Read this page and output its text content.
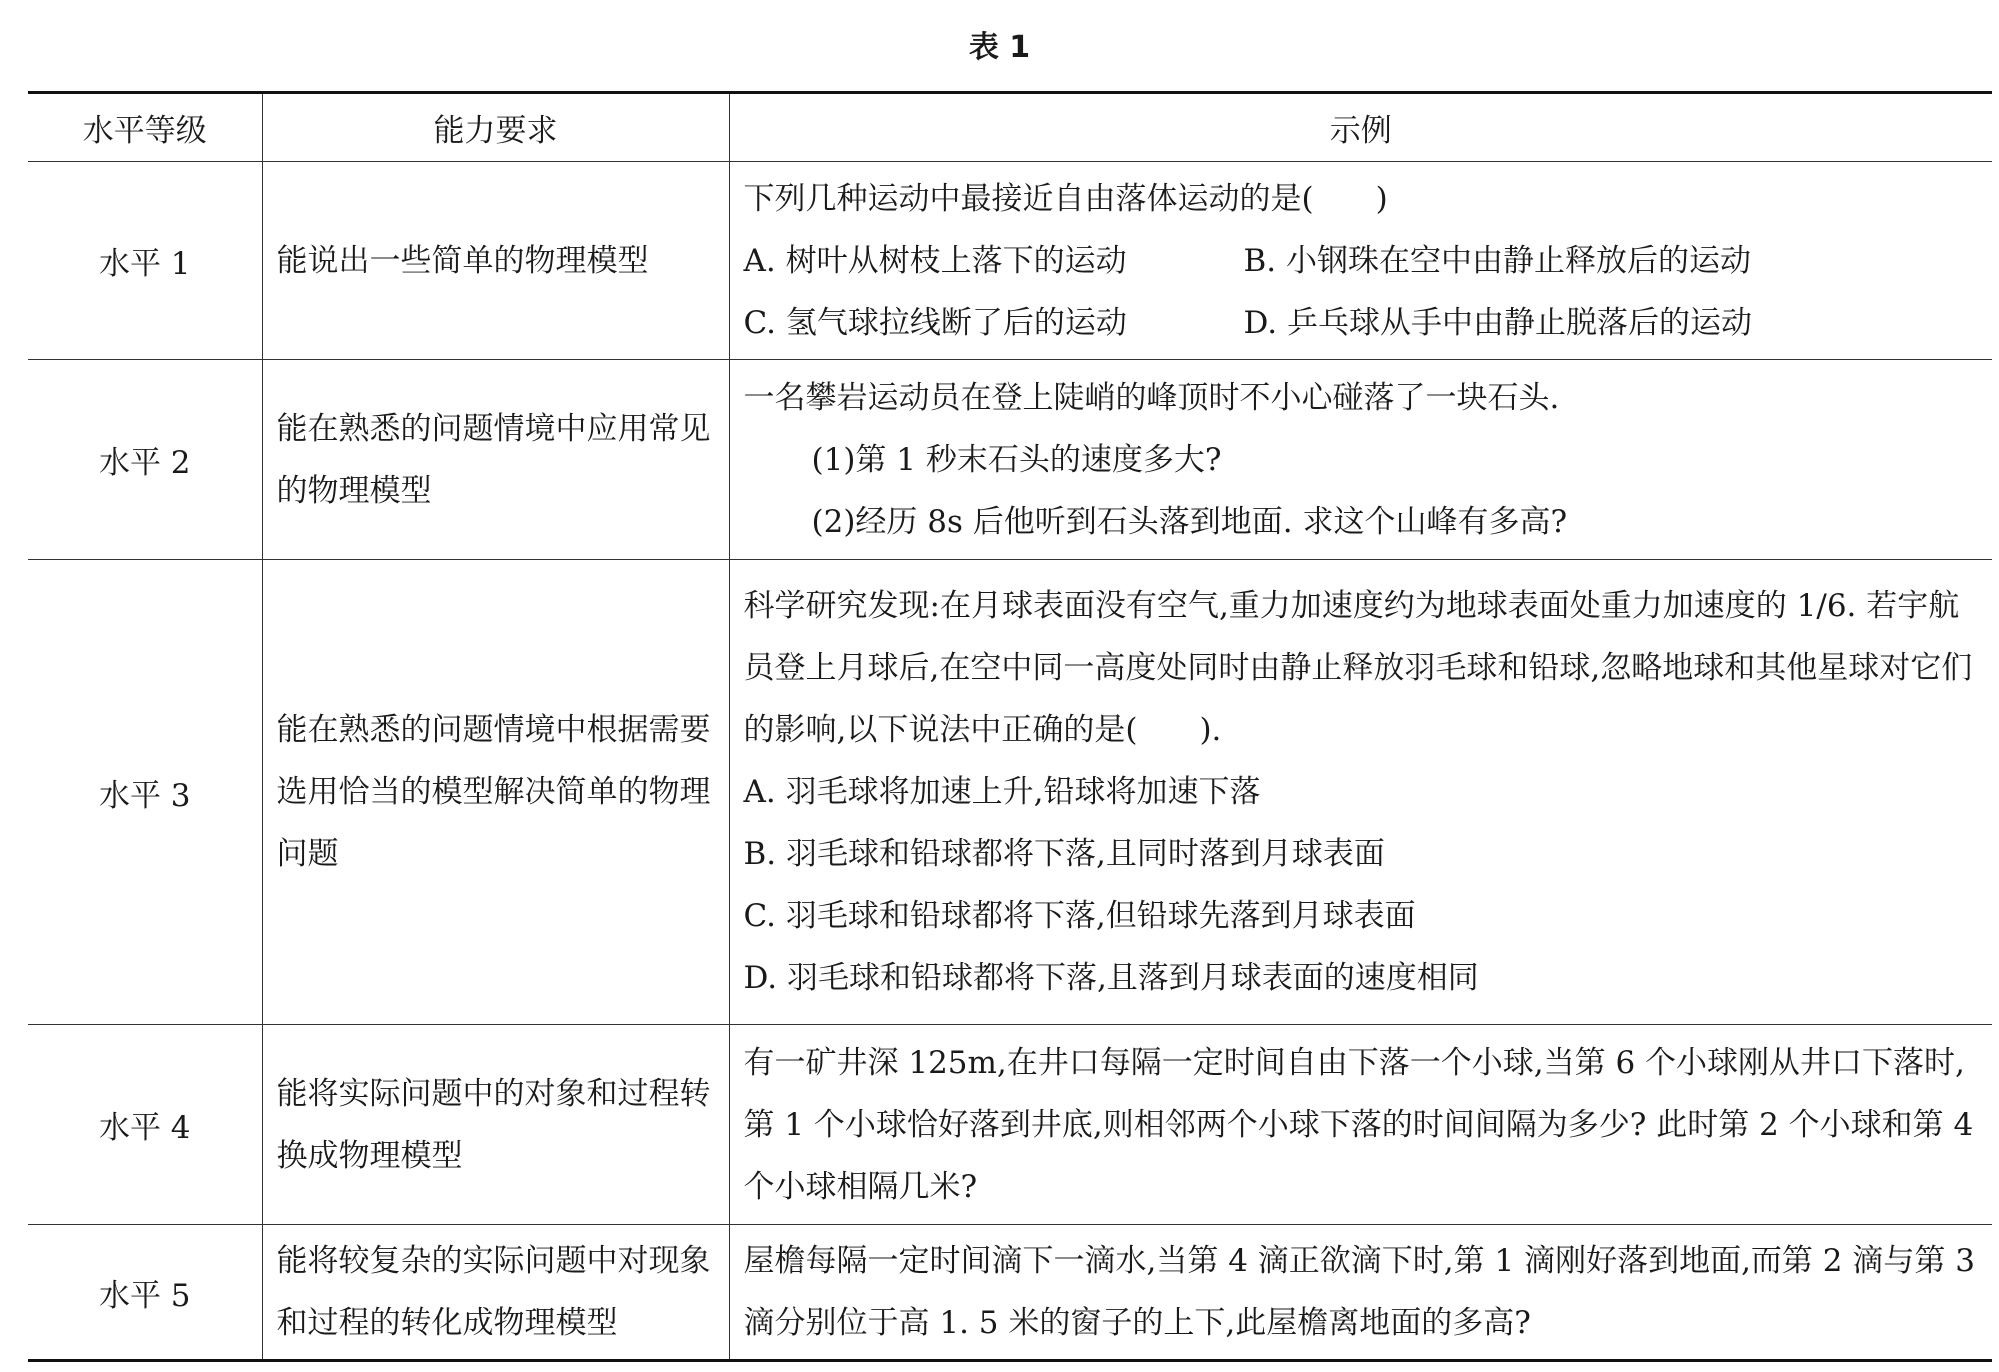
表 1
水平等级	能力要求	示例
水平 1	能说出一些简单的物理模型	下列几种运动中最接近自由落体运动的是(　　)
A. 树叶从树枝上落下的运动 B. 小钢珠在空中由静止释放后的运动
C. 氢气球拉线断了后的运动 D. 乒乓球从手中由静止脱落后的运动

水平 2	能在熟悉的问题情境中应用常见的物理模型	一名攀岩运动员在登上陡峭的峰顶时不小心碰落了一块石头.
(1)第 1 秒末石头的速度多大?
(2)经历 8s 后他听到石头落到地面. 求这个山峰有多高?

水平 3	能在熟悉的问题情境中根据需要选用恰当的模型解决简单的物理问题	科学研究发现:在月球表面没有空气,重力加速度约为地球表面处重力加速度的 1/6. 若宇航员登上月球后,在空中同一高度处同时由静止释放羽毛球和铅球,忽略地球和其他星球对它们的影响,以下说法中正确的是(　　).
A. 羽毛球将加速上升,铅球将加速下落
B. 羽毛球和铅球都将下落,且同时落到月球表面
C. 羽毛球和铅球都将下落,但铅球先落到月球表面
D. 羽毛球和铅球都将下落,且落到月球表面的速度相同

水平 4	能将实际问题中的对象和过程转换成物理模型	有一矿井深 125m,在井口每隔一定时间自由下落一个小球,当第 6 个小球刚从井口下落时,第 1 个小球恰好落到井底,则相邻两个小球下落的时间间隔为多少? 此时第 2 个小球和第 4 个小球相隔几米?

水平 5	能将较复杂的实际问题中对现象和过程的转化成物理模型	屋檐每隔一定时间滴下一滴水,当第 4 滴正欲滴下时,第 1 滴刚好落到地面,而第 2 滴与第 3 滴分别位于高 1. 5 米的窗子的上下,此屋檐离地面的多高?
